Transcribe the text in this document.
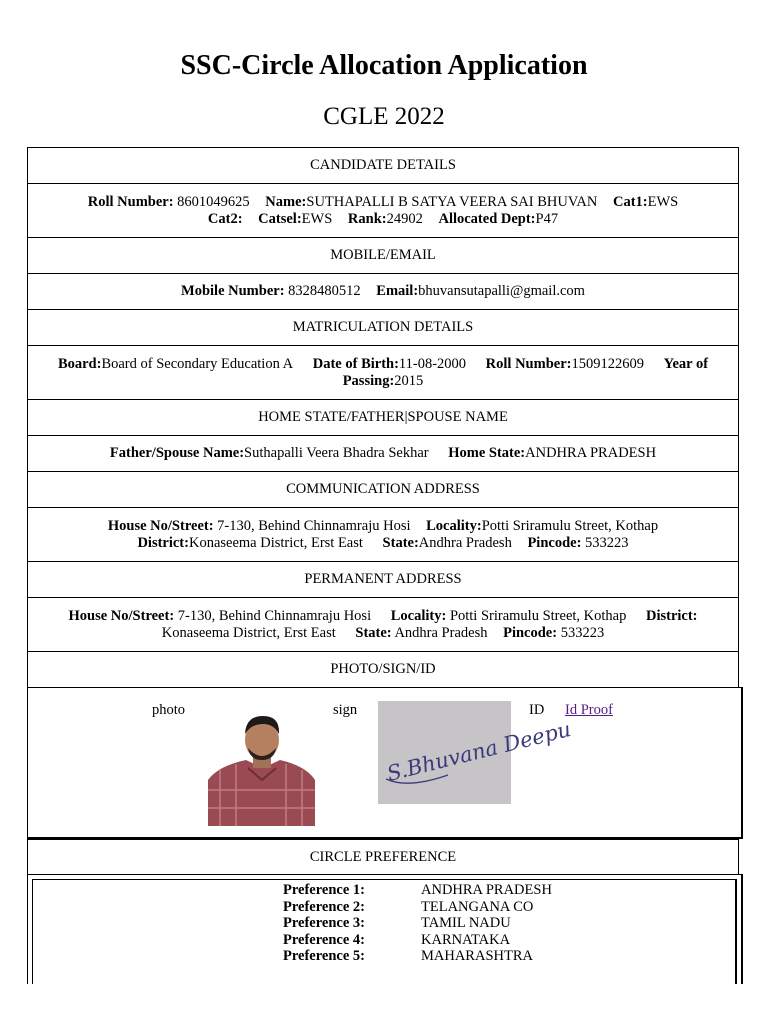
SSC-Circle Allocation Application
CGLE 2022
CANDIDATE DETAILS

Roll Number: 8601049625 Name:SUTHAPALLI B SATYA VEERA SAI BHUVAN Cat1:EWS
Cat2: Catsel:EWS Rank:24902 Allocated Dept:P47

MOBILE/EMAIL

Mobile Number: 8328480512 Email:bhuvansutapalli@gmail.com

MATRICULATION DETAILS

Board:Board of Secondary Education A Date of Birth:11-08-2000 Roll Number:1509122609 Year of Passing:2015

HOME STATE/FATHER|SPOUSE NAME

Father/Spouse Name:Suthapalli Veera Bhadra Sekhar Home State:ANDHRA PRADESH

COMMUNICATION ADDRESS

House No/Street: 7-130, Behind Chinnamraju Hosi Locality:Potti Sriramulu Street, Kothap
District:Konaseema District, Erst East State:Andhra Pradesh Pincode: 533223

PERMANENT ADDRESS

House No/Street: 7-130, Behind Chinnamraju Hosi Locality: Potti Sriramulu Street, Kothap District: Konaseema District, Erst East State: Andhra Pradesh Pincode: 533223

PHOTO/SIGN/ID
photo	sign
S.Bhuvana Deepu
ID Id Proof
CIRCLE PREFERENCE
Preference 1:	ANDHRA PRADESH
Preference 2:	TELANGANA CO
Preference 3:	TAMIL NADU
Preference 4:	KARNATAKA
Preference 5:	MAHARASHTRA
